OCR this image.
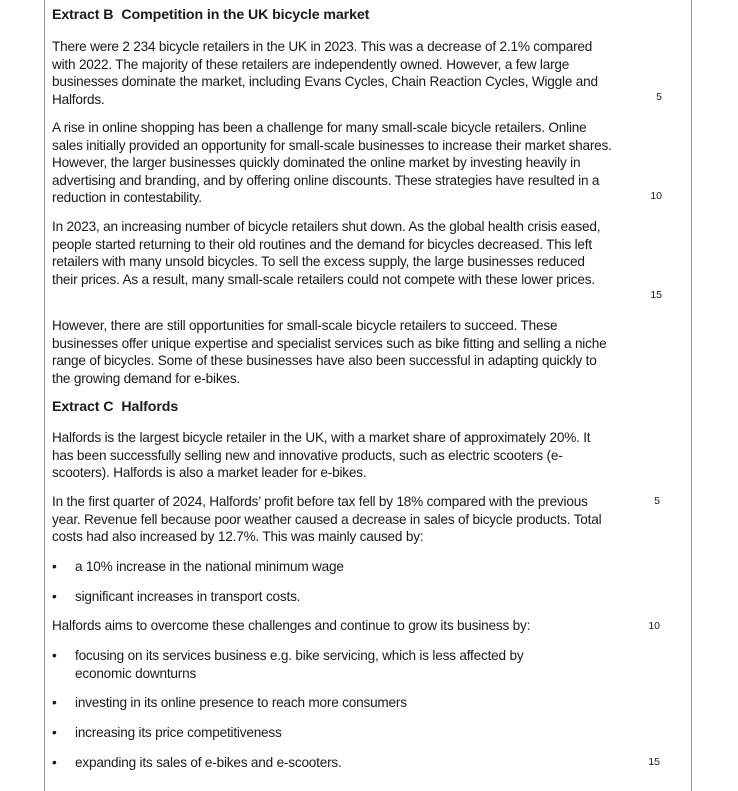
Extract B Competition in the UK bicycle market

There were 2 234 bicycle retailers in the UK in 2023. This was a decrease of 2.1% compared with 2022. The majority of these retailers are independently owned. However, a few large businesses dominate the market, including Evans Cycles, Chain Reaction Cycles, Wiggle and Halfords.	5

A rise in online shopping has been a challenge for many small-scale bicycle retailers. Online sales initially provided an opportunity for small-scale businesses to increase their market shares. However, the larger businesses quickly dominated the online market by investing heavily in advertising and branding, and by offering online discounts. These strategies have resulted in a reduction in contestability.	10

In 2023, an increasing number of bicycle retailers shut down. As the global health crisis eased, people started returning to their old routines and the demand for bicycles decreased. This left retailers with many unsold bicycles. To sell the excess supply, the large businesses reduced their prices. As a result, many small-scale retailers could not compete with these lower prices.

15

However, there are still opportunities for small-scale bicycle retailers to succeed. These businesses offer unique expertise and specialist services such as bike fitting and selling a niche range of bicycles. Some of these businesses have also been successful in adapting quickly to the growing demand for e-bikes.

Extract C Halfords

Halfords is the largest bicycle retailer in the UK, with a market share of approximately 20%. It has been successfully selling new and innovative products, such as electric scooters (e-scooters). Halfords is also a market leader for e-bikes.

In the first quarter of 2024, Halfords’ profit before tax fell by 18% compared with the previous year. Revenue fell because poor weather caused a decrease in sales of bicycle products. Total costs had also increased by 12.7%. This was mainly caused by:

5
•	a 10% increase in the national minimum wage
•	significant increases in transport costs.

Halfords aims to overcome these challenges and continue to grow its business by:	10
•	focusing on its services business e.g. bike servicing, which is less affected by economic downturns
•	investing in its online presence to reach more consumers
•	increasing its price competitiveness
•	expanding its sales of e-bikes and e-scooters.	15
